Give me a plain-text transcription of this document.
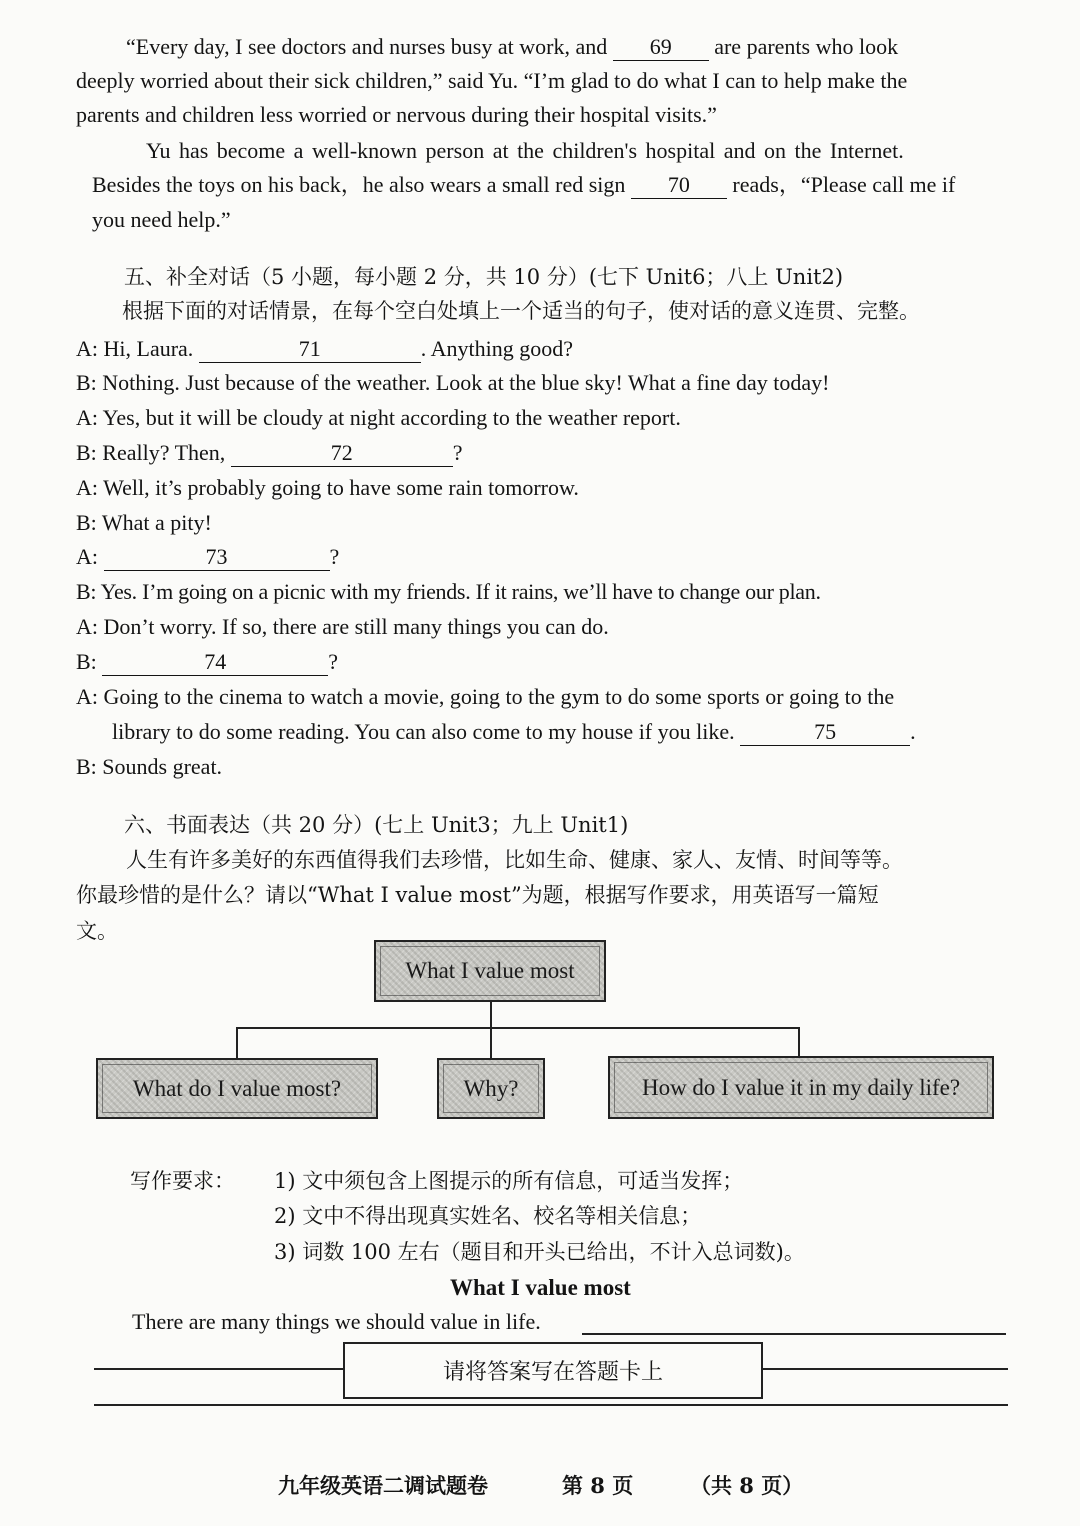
“Every day, I see doctors and nurses busy at work, and 69 are parents who look
deeply worried about their sick children,” said Yu. “I’m glad to do what I can to help make the
parents and children less worried or nervous during their hospital visits.”
Yu has become a well-known person at the children's hospital and on the Internet.
Besides the toys on his back，he also wears a small red sign 70 reads，“Please call me if
you need help.”
五、补全对话（5 小题，每小题 2 分，共 10 分）(七下 Unit6；八上 Unit2)
根据下面的对话情景，在每个空白处填上一个适当的句子，使对话的意义连贯、完整。
A: Hi, Laura.	71	. Anything good?
B: Nothing. Just because of the weather. Look at the blue sky! What a fine day today!
A: Yes, but it will be cloudy at night according to the weather report.
B: Really? Then,	72	?
A: Well, it’s probably going to have some rain tomorrow.
B: What a pity!
A:	73	?
B: Yes. I’m going on a picnic with my friends. If it rains, we’ll have to change our plan.
A: Don’t worry. If so, there are still many things you can do.
B:	74	?
A: Going to the cinema to watch a movie, going to the gym to do some sports or going to the
library to do some reading. You can also come to my house if you like.	75	.
B: Sounds great.
六、书面表达（共 20 分）(七上 Unit3；九上 Unit1)
人生有许多美好的东西值得我们去珍惜，比如生命、健康、家人、友情、时间等等。
你最珍惜的是什么？请以“What I value most”为题，根据写作要求，用英语写一篇短
文。
What I value most
What do I value most?	Why?	How do I value it in my daily life?
写作要求： 1) 文中须包含上图提示的所有信息，可适当发挥；
2) 文中不得出现真实姓名、校名等相关信息；
3) 词数 100 左右（题目和开头已给出，不计入总词数)。
What I value most
There are many things we should value in life.
请将答案写在答题卡上
九年级英语二调试题卷	第 8 页	（共 8 页）
